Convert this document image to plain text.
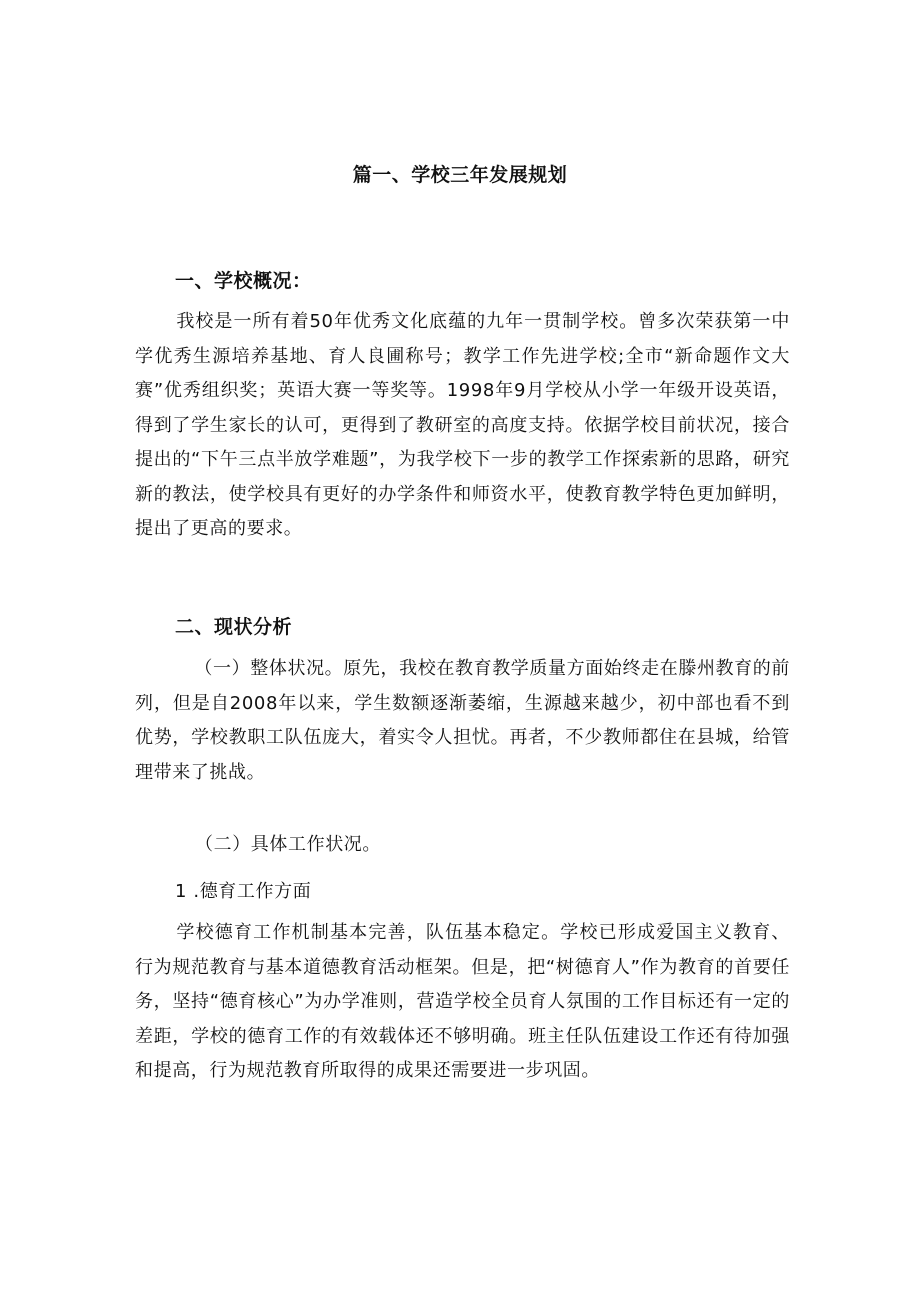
篇一、学校三年发展规划
一、学校概况：
我校是一所有着50年优秀文化底蕴的九年一贯制学校。曾多次荣获第一中学优秀生源培养基地、育人良圃称号；教学工作先进学校;全市“新命题作文大赛”优秀组织奖；英语大赛一等奖等。1998年9月学校从小学一年级开设英语，得到了学生家长的认可，更得到了教研室的高度支持。依据学校目前状况，接合提出的“下午三点半放学难题”，为我学校下一步的教学工作探索新的思路，研究新的教法，使学校具有更好的办学条件和师资水平，使教育教学特色更加鲜明，提出了更高的要求。
二、现状分析
（一）整体状况。原先，我校在教育教学质量方面始终走在滕州教育的前列，但是自2008年以来，学生数额逐渐萎缩，生源越来越少，初中部也看不到优势，学校教职工队伍庞大，着实令人担忧。再者，不少教师都住在县城，给管理带来了挑战。
（二）具体工作状况。
1 .德育工作方面
学校德育工作机制基本完善，队伍基本稳定。学校已形成爱国主义教育、行为规范教育与基本道德教育活动框架。但是，把“树德育人”作为教育的首要任务，坚持“德育核心”为办学准则，营造学校全员育人氛围的工作目标还有一定的差距，学校的德育工作的有效载体还不够明确。班主任队伍建设工作还有待加强和提高，行为规范教育所取得的成果还需要进一步巩固。
